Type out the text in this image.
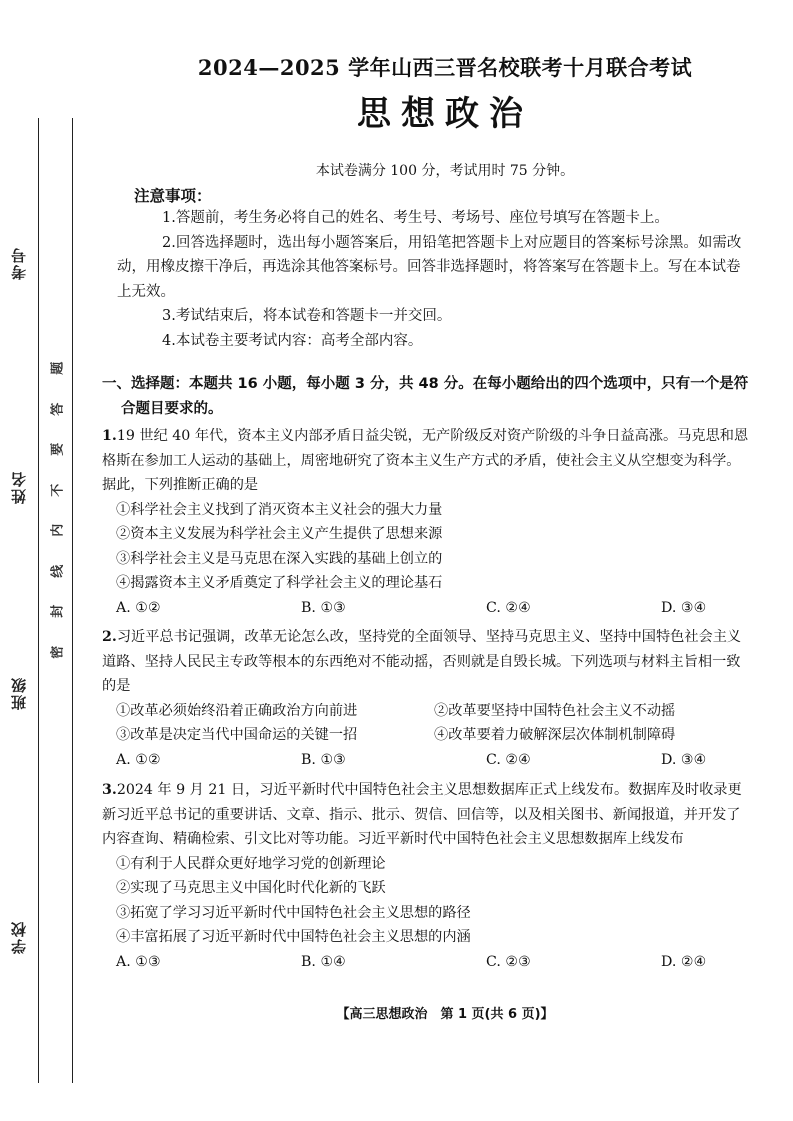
考号
姓名
班级
学校
题
答
要
不
内
线
封
密
2024—2025 学年山西三晋名校联考十月联合考试
思想政治
本试卷满分 100 分，考试用时 75 分钟。
注意事项：

1.答题前，考生务必将自己的姓名、考生号、考场号、座位号填写在答题卡上。

2.回答选择题时，选出每小题答案后，用铅笔把答题卡上对应题目的答案标号涂黑。如需改动，用橡皮擦干净后，再选涂其他答案标号。回答非选择题时，将答案写在答题卡上。写在本试卷上无效。

3.考试结束后，将本试卷和答题卡一并交回。

4.本试卷主要考试内容：高考全部内容。

一、选择题：本题共 16 小题，每小题 3 分，共 48 分。在每小题给出的四个选项中，只有一个是符
合题目要求的。

1.19 世纪 40 年代，资本主义内部矛盾日益尖锐，无产阶级反对资产阶级的斗争日益高涨。马克思和恩格斯在参加工人运动的基础上，周密地研究了资本主义生产方式的矛盾，使社会主义从空想变为科学。据此，下列推断正确的是

①科学社会主义找到了消灭资本主义社会的强大力量

②资本主义发展为科学社会主义产生提供了思想来源

③科学社会主义是马克思在深入实践的基础上创立的

④揭露资本主义矛盾奠定了科学社会主义的理论基石

A. ①②	B. ①③	C. ②④	D. ③④

2.习近平总书记强调，改革无论怎么改，坚持党的全面领导、坚持马克思主义、坚持中国特色社会主义道路、坚持人民民主专政等根本的东西绝对不能动摇，否则就是自毁长城。下列选项与材料主旨相一致的是

①改革必须始终沿着正确政治方向前进	②改革要坚持中国特色社会主义不动摇
③改革是决定当代中国命运的关键一招	④改革要着力破解深层次体制机制障碍
A. ①②	B. ①③	C. ②④	D. ③④

3.2024 年 9 月 21 日，习近平新时代中国特色社会主义思想数据库正式上线发布。数据库及时收录更新习近平总书记的重要讲话、文章、指示、批示、贺信、回信等，以及相关图书、新闻报道，并开发了内容查询、精确检索、引文比对等功能。习近平新时代中国特色社会主义思想数据库上线发布

①有利于人民群众更好地学习党的创新理论

②实现了马克思主义中国化时代化新的飞跃

③拓宽了学习习近平新时代中国特色社会主义思想的路径

④丰富拓展了习近平新时代中国特色社会主义思想的内涵

A. ①③	B. ①④	C. ②③	D. ②④
【高三思想政治　第 1 页(共 6 页)】
